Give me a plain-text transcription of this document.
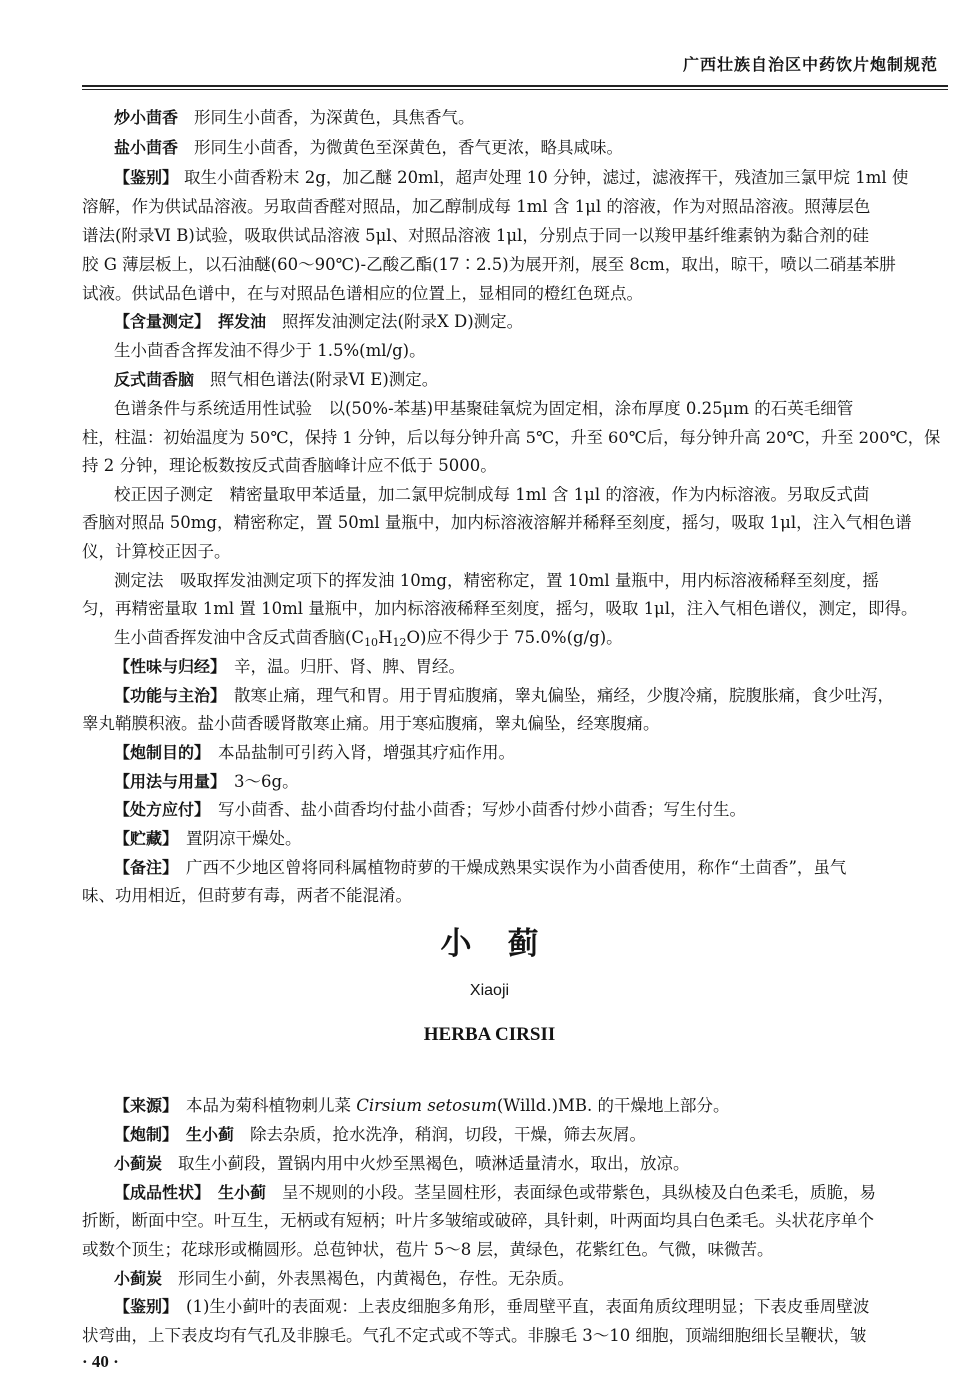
广西壮族自治区中药饮片炮制规范
炒小茴香 形同生小茴香，为深黄色，具焦香气。
盐小茴香 形同生小茴香，为微黄色至深黄色，香气更浓，略具咸味。
【鉴别】 取生小茴香粉末 2g，加乙醚 20ml，超声处理 10 分钟，滤过，滤液挥干，残渣加三氯甲烷 1ml 使
溶解，作为供试品溶液。另取茴香醛对照品，加乙醇制成每 1ml 含 1μl 的溶液，作为对照品溶液。照薄层色
谱法(附录Ⅵ B)试验，吸取供试品溶液 5μl、对照品溶液 1μl，分别点于同一以羧甲基纤维素钠为黏合剂的硅
胶 G 薄层板上，以石油醚(60～90℃)-乙酸乙酯(17∶2.5)为展开剂，展至 8cm，取出，晾干，喷以二硝基苯肼
试液。供试品色谱中，在与对照品色谱相应的位置上，显相同的橙红色斑点。
【含量测定】 挥发油 照挥发油测定法(附录Ⅹ D)测定。
生小茴香含挥发油不得少于 1.5%(ml/g)。
反式茴香脑 照气相色谱法(附录Ⅵ E)测定。
色谱条件与系统适用性试验　以(50%-苯基)甲基聚硅氧烷为固定相，涂布厚度 0.25μm 的石英毛细管
柱，柱温：初始温度为 50℃，保持 1 分钟，后以每分钟升高 5℃，升至 60℃后，每分钟升高 20℃，升至 200℃，保
持 2 分钟，理论板数按反式茴香脑峰计应不低于 5000。
校正因子测定　精密量取甲苯适量，加二氯甲烷制成每 1ml 含 1μl 的溶液，作为内标溶液。另取反式茴
香脑对照品 50mg，精密称定，置 50ml 量瓶中，加内标溶液溶解并稀释至刻度，摇匀，吸取 1μl，注入气相色谱
仪，计算校正因子。
测定法　吸取挥发油测定项下的挥发油 10mg，精密称定，置 10ml 量瓶中，用内标溶液稀释至刻度，摇
匀，再精密量取 1ml 置 10ml 量瓶中，加内标溶液稀释至刻度，摇匀，吸取 1μl，注入气相色谱仪，测定，即得。
生小茴香挥发油中含反式茴香脑(C10H12O)应不得少于 75.0%(g/g)。
【性味与归经】 辛，温。归肝、肾、脾、胃经。
【功能与主治】 散寒止痛，理气和胃。用于胃疝腹痛，睾丸偏坠，痛经，少腹冷痛，脘腹胀痛，食少吐泻，
睾丸鞘膜积液。盐小茴香暖肾散寒止痛。用于寒疝腹痛，睾丸偏坠，经寒腹痛。
【炮制目的】 本品盐制可引药入肾，增强其疗疝作用。
【用法与用量】 3～6g。
【处方应付】 写小茴香、盐小茴香均付盐小茴香；写炒小茴香付炒小茴香；写生付生。
【贮藏】 置阴凉干燥处。
【备注】 广西不少地区曾将同科属植物莳萝的干燥成熟果实误作为小茴香使用，称作“土茴香”，虽气
味、功用相近，但莳萝有毒，两者不能混淆。
小蓟
Xiaoji
HERBA CIRSII
【来源】 本品为菊科植物刺儿菜 Cirsium setosum(Willd.)MB. 的干燥地上部分。
【炮制】 生小蓟 除去杂质，抢水洗净，稍润，切段，干燥，筛去灰屑。
小蓟炭 取生小蓟段，置锅内用中火炒至黑褐色，喷淋适量清水，取出，放凉。
【成品性状】 生小蓟 呈不规则的小段。茎呈圆柱形，表面绿色或带紫色，具纵棱及白色柔毛，质脆，易
折断，断面中空。叶互生，无柄或有短柄；叶片多皱缩或破碎，具针刺，叶两面均具白色柔毛。头状花序单个
或数个顶生；花球形或椭圆形。总苞钟状，苞片 5～8 层，黄绿色，花紫红色。气微，味微苦。
小蓟炭 形同生小蓟，外表黑褐色，内黄褐色，存性。无杂质。
【鉴别】 (1)生小蓟叶的表面观：上表皮细胞多角形，垂周壁平直，表面角质纹理明显；下表皮垂周壁波
状弯曲，上下表皮均有气孔及非腺毛。气孔不定式或不等式。非腺毛 3～10 细胞，顶端细胞细长呈鞭状，皱
· 40 ·
